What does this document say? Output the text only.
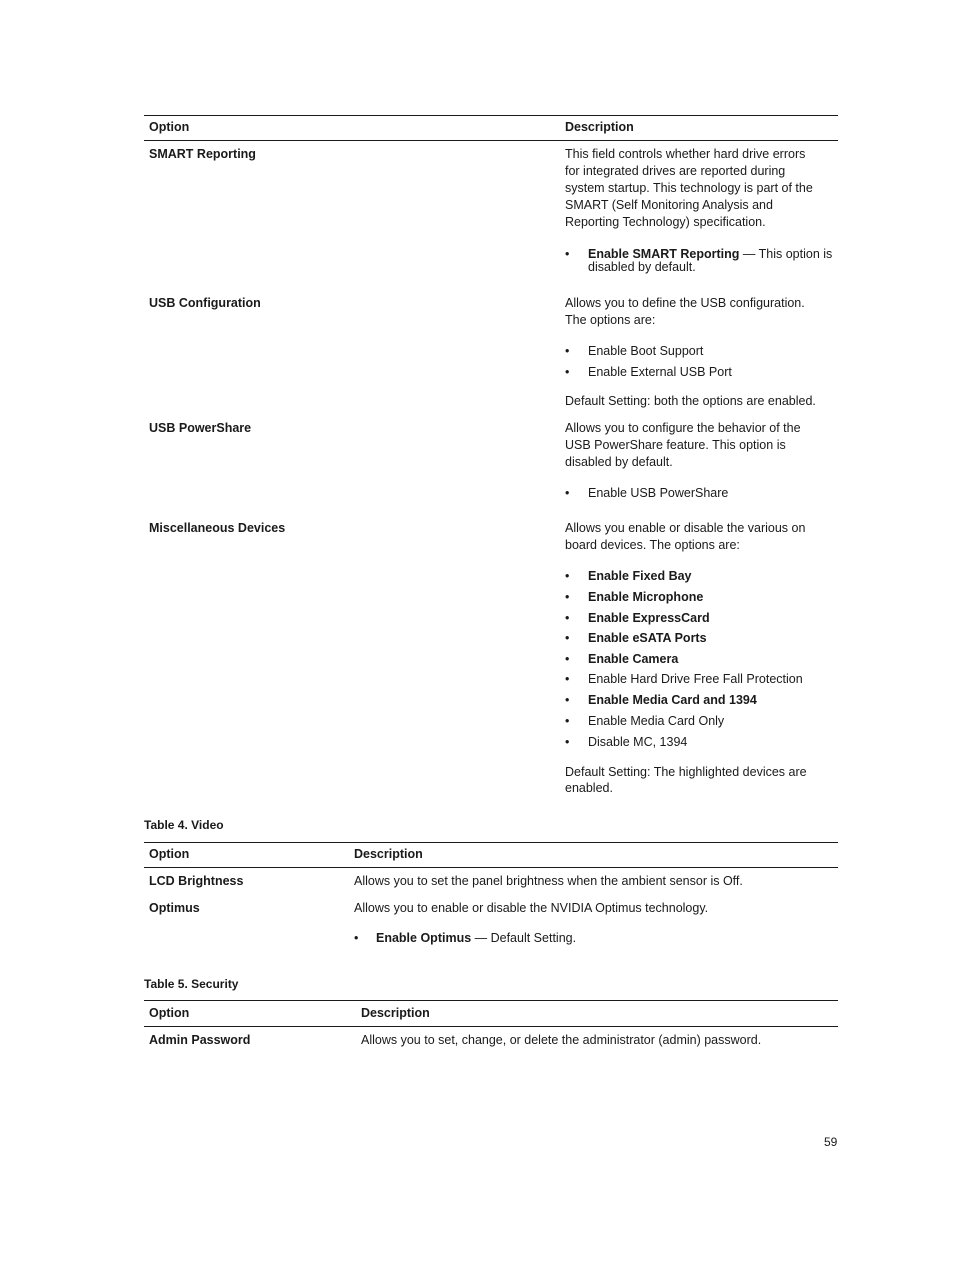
Option	Description
SMART Reporting	This field controls whether hard drive errors
for integrated drives are reported during
system startup. This technology is part of the
SMART (Self Monitoring Analysis and
Reporting Technology) specification.
• Enable SMART Reporting — This option is
disabled by default.
USB Configuration	Allows you to define the USB configuration.
The options are:
• Enable Boot Support
• Enable External USB Port
Default Setting: both the options are enabled.
USB PowerShare	Allows you to configure the behavior of the
USB PowerShare feature. This option is
disabled by default.
• Enable USB PowerShare
Miscellaneous Devices	Allows you enable or disable the various on
board devices. The options are:
• Enable Fixed Bay
• Enable Microphone
• Enable ExpressCard
• Enable eSATA Ports
• Enable Camera
• Enable Hard Drive Free Fall Protection
• Enable Media Card and 1394
• Enable Media Card Only
• Disable MC, 1394
Default Setting: The highlighted devices are
enabled.
Table 4. Video
Option	Description
LCD Brightness	Allows you to set the panel brightness when the ambient sensor is Off.
Optimus	Allows you to enable or disable the NVIDIA Optimus technology.
• Enable Optimus — Default Setting.
Table 5. Security
Option	Description
Admin Password	Allows you to set, change, or delete the administrator (admin) password.
59
